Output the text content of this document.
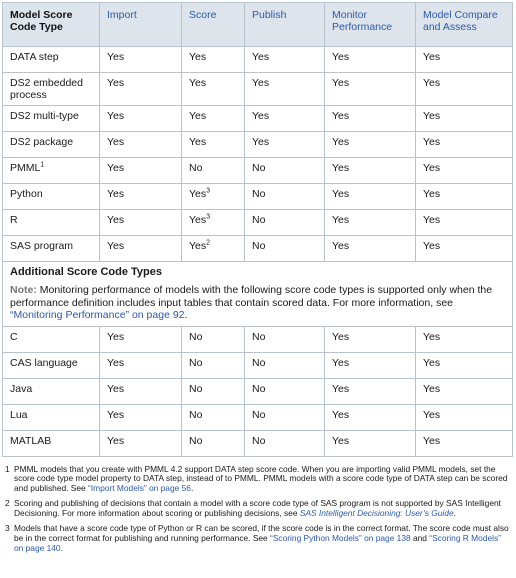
Model Score Code Type	Import	Score	Publish	Monitor Performance	Model Compare and Assess
DATA step	Yes	Yes	Yes	Yes	Yes
DS2 embedded process	Yes	Yes	Yes	Yes	Yes
DS2 multi-type	Yes	Yes	Yes	Yes	Yes
DS2 package	Yes	Yes	Yes	Yes	Yes
PMML$^1$	Yes	No	No	Yes	Yes
Python	Yes	Yes$^3$	No	Yes	Yes
R	Yes	Yes$^3$	No	Yes	Yes
SAS program	Yes	Yes$^2$	No	Yes	Yes

Additional Score Code Types
Note: Monitoring performance of models with the following score code types is supported only when the performance definition includes input tables that contain scored data. For more information, see “Monitoring Performance” on page 92.					

C	Yes	No	No	Yes	Yes
CAS language	Yes	No	No	Yes	Yes
Java	Yes	No	No	Yes	Yes
Lua	Yes	No	No	Yes	Yes
MATLAB	Yes	No	No	Yes	Yes
1 PMML models that you create with PMML 4.2 support DATA step score code. When you are importing valid PMML models, set the score code type model property to DATA step, instead of to PMML. PMML models with a score code type of DATA step can be scored and published. See “Import Models” on page 56.
2 Scoring and publishing of decisions that contain a model with a score code type of SAS program is not supported by SAS Intelligent Decisioning. For more information about scoring or publishing decisions, see SAS Intelligent Decisioning: User’s Guide.
3 Models that have a score code type of Python or R can be scored, if the score code is in the correct format. The score code must also be in the correct format for publishing and running performance. See “Scoring Python Models” on page 138 and “Scoring R Models” on page 140.
